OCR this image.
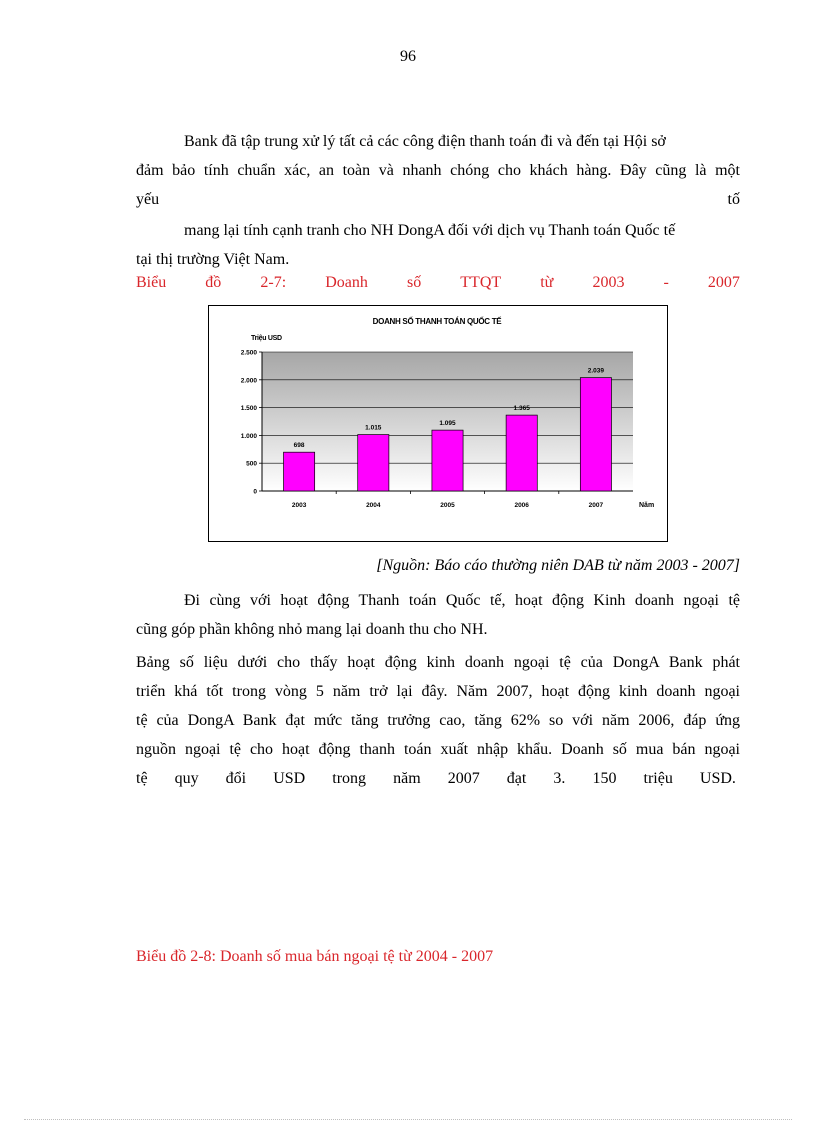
96
Bank đã tập trung xử lý tất cả các công điện thanh toán đi và đến tại Hội sở
đảm bảo tính chuẩn xác, an toàn và nhanh chóng cho khách hàng. Đây cũng là một
yếu	tố
mang lại tính cạnh tranh cho NH DongA đối với dịch vụ Thanh toán Quốc tế
tại thị trường Việt Nam.
Biểu đồ 2-7: Doanh số TTQT từ 2003 - 2007
DOANH SỐ THANH TOÁN QUỐC TẾ
Triệu USD
Năm
0
500
1.000
1.500
2.000
2.500
698
2003
1.015
2004
1.095
2005
1.365
2006
2.039
2007
[Nguồn: Báo cáo thường niên DAB từ năm 2003 - 2007]
Đi cùng với hoạt động Thanh toán Quốc tế, hoạt động Kinh doanh ngoại tệ
cũng góp phần không nhỏ mang lại doanh thu cho NH.
Bảng số liệu dưới cho thấy hoạt động kinh doanh ngoại tệ của DongA Bank phát
triển khá tốt trong vòng 5 năm trở lại đây. Năm 2007, hoạt động kinh doanh ngoại
tệ của DongA Bank đạt mức tăng trưởng cao, tăng 62% so với năm 2006, đáp ứng
nguồn ngoại tệ cho hoạt động thanh toán xuất nhập khẩu. Doanh số mua bán ngoại
tệ quy đổi USD trong năm 2007 đạt 3. 150 triệu USD.
Biểu đồ 2-8: Doanh số mua bán ngoại tệ từ 2004 - 2007
